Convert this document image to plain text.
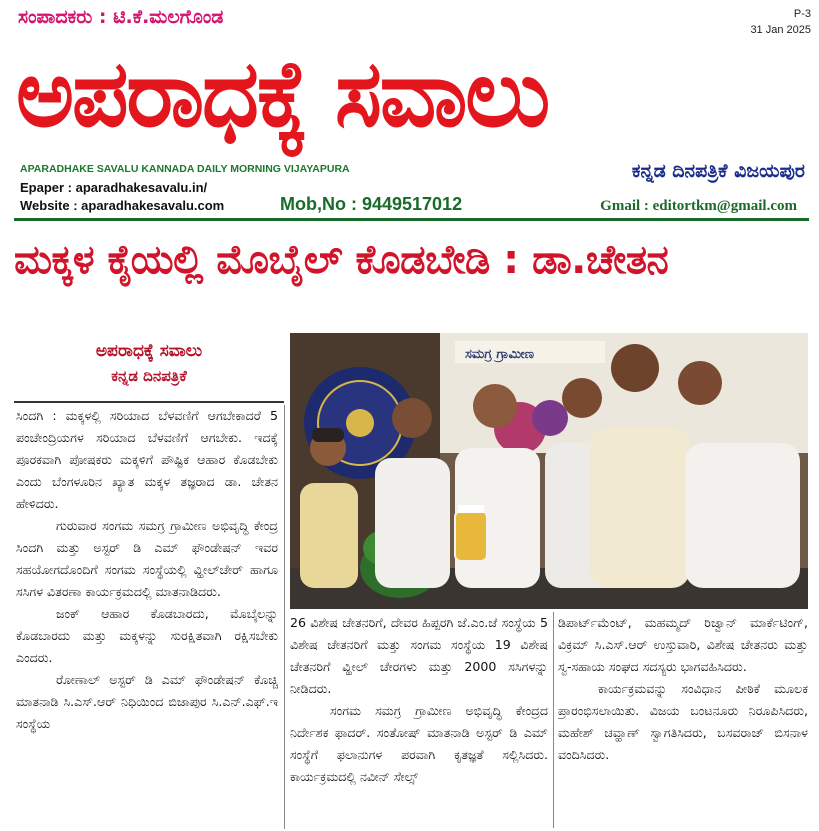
ಸಂಪಾದಕರು : ಟಿ.ಕೆ.ಮಲಗೊಂಡ	P-3
31 Jan 2025
ಅಪರಾಧಕ್ಕೆ ಸವಾಲು
APARADHAKE SAVALU KANNADA DAILY MORNING VIJAYAPURA	ಕನ್ನಡ ದಿನಪತ್ರಿಕೆ ವಿಜಯಪುರ
Epaper : aparadhakesavalu.in/
Website : aparadhakesavalu.com	Mob,No : 9449517012	Gmail : editortkm@gmail.com
ಮಕ್ಕಳ ಕೈಯಲ್ಲಿ ಮೊಬೈಲ್ ಕೊಡಬೇಡಿ : ಡಾ.ಚೇತನ
ಅಪರಾಧಕ್ಕೆ ಸವಾಲು
ಕನ್ನಡ ದಿನಪತ್ರಿಕೆ

ಸಿಂದಗಿ : ಮಕ್ಕಳಲ್ಲಿ ಸರಿಯಾದ ಬೆಳವಣಿಗೆ ಆಗಬೇಕಾದರೆ 5 ಪಂಚೇಂದ್ರಿಯಗಳ ಸರಿಯಾದ ಬೆಳವಣಿಗೆ ಆಗಬೇಕು. ಇದಕ್ಕೆ ಪೂರಕವಾಗಿ ಪೋಷಕರು ಮಕ್ಕಳಿಗೆ ಪೌಷ್ಟಿಕ ಆಹಾರ ಕೊಡಬೇಕು ಎಂದು ಬೆಂಗಳೂರಿನ ಖ್ಯಾತ ಮಕ್ಕಳ ತಜ್ಞರಾದ ಡಾ. ಚೇತನ ಹೇಳಿದರು.

ಗುರುವಾರ ಸಂಗಮ ಸಮಗ್ರ ಗ್ರಾಮೀಣ ಅಭಿವೃದ್ಧಿ ಕೇಂದ್ರ ಸಿಂದಗಿ ಮತ್ತು ಅಸ್ಟರ್ ಡಿ ಎಮ್ ಫೌಂಡೇಷನ್ ಇವರ ಸಹಯೋಗದೊಂದಿಗೆ ಸಂಗಮ ಸಂಸ್ಥೆಯಲ್ಲಿ ವ್ಹೀಲ್‌ಚೇರ್ ಹಾಗೂ ಸಸಿಗಳ ವಿತರಣಾ ಕಾರ್ಯಕ್ರಮದಲ್ಲಿ ಮಾತನಾಡಿದರು.

ಜಂಕ್ ಆಹಾರ ಕೊಡಬಾರದು, ಮೊಬೈಲನ್ನು ಕೊಡಬಾರದು ಮತ್ತು ಮಕ್ಕಳನ್ನು ಸುರಕ್ಷಿತವಾಗಿ ರಕ್ಷಿಸಬೇಕು ಎಂದರು.

ರೋಣಾಲ್ ಅಸ್ಟರ್ ಡಿ ಎಮ್ ಫೌಂಡೇಷನ್ ಕೊಚ್ಚಿ ಮಾತನಾಡಿ ಸಿ.ಎಸ್.ಆರ್ ನಿಧಿಯಿಂದ ಬಿಜಾಪುರ ಸಿ.ಎನ್.ಎಫ್.ಇ ಸಂಸ್ಥೆಯ

ಸಮಗ್ರ ಗ್ರಾಮೀಣ

26 ವಿಶೇಷ ಚೇತನರಿಗೆ, ದೇವರ ಹಿಪ್ಪರಗಿ ಜೆ.ಎಂ.ಜೆ ಸಂಸ್ಥೆಯ 5 ವಿಶೇಷ ಚೇತನರಿಗೆ ಮತ್ತು ಸಂಗಮ ಸಂಸ್ಥೆಯ 19 ವಿಶೇಷ ಚೇತನರಿಗೆ ವ್ಹೀಲ್ ಚೇರಗಳು ಮತ್ತು 2000 ಸಸಿಗಳನ್ನು ನೀಡಿದರು.

ಸಂಗಮ ಸಮಗ್ರ ಗ್ರಾಮೀಣ ಅಭಿವೃದ್ಧಿ ಕೇಂದ್ರದ ನಿರ್ದೇಶಕ ಫಾದರ್. ಸಂತೋಷ್ ಮಾತನಾಡಿ ಅಸ್ಟರ್ ಡಿ ಎಮ್ ಸಂಸ್ಥೆಗೆ ಫಲಾನುಗಳ ಪರವಾಗಿ ಕೃತಜ್ಞತೆ ಸಲ್ಲಿಸಿದರು. ಕಾರ್ಯಕ್ರಮದಲ್ಲಿ ನವೀನ್ ಸೇಲ್ಸ್

ಡಿಪಾರ್ಟ್‌ಮೆಂಟ್, ಮಹಮ್ಮದ್ ರಿಜ್ವಾನ್ ಮಾರ್ಕೆಟಿಂಗ್, ವಿಕ್ರಮ್ ಸಿ.ಎಸ್.ಆರ್ ಉಸ್ತುವಾರಿ, ವಿಶೇಷ ಚೇತನರು ಮತ್ತು ಸ್ವ-ಸಹಾಯ ಸಂಘದ ಸದಸ್ಯರು ಭಾಗವಹಿಸಿದರು.

ಕಾರ್ಯಕ್ರಮವನ್ನು ಸಂವಿಧಾನ ಪೀಠಿಕೆ ಮೂಲಕ ಪ್ರಾರಂಭಿಸಲಾಯಿತು. ವಿಜಯ ಬಂಟನೂರು ನಿರೂಪಿಸಿದರು, ಮಹೇಶ್ ಚವ್ಹಾಣ್ ಸ್ವಾಗತಿಸಿದರು, ಬಸವರಾಜ್ ಬಿಸನಾಳ ವಂದಿಸಿದರು.
